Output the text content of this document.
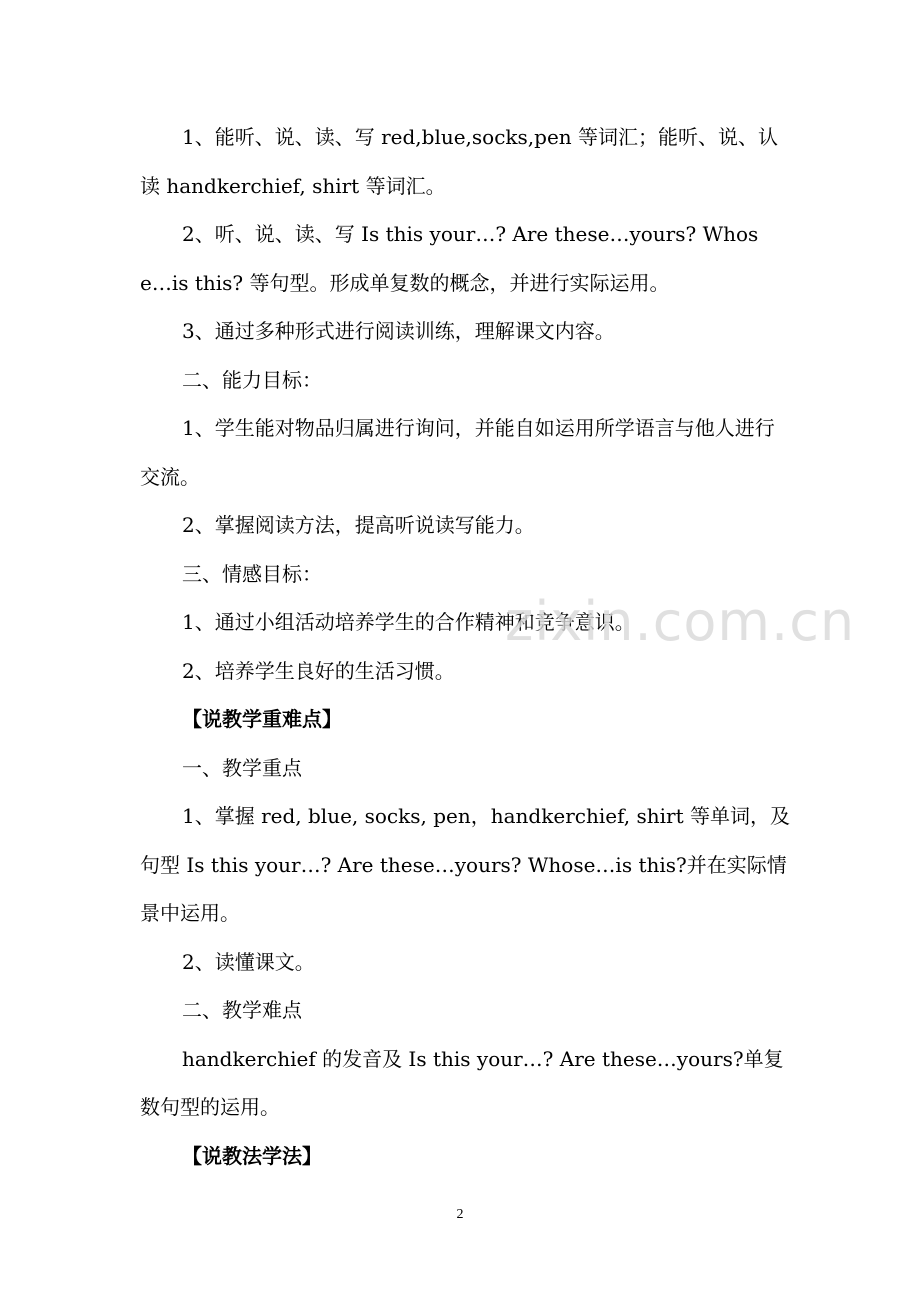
1、能听、说、读、写 red,blue,socks,pen 等词汇；能听、说、认读 handkerchief, shirt 等词汇。

2、听、说、读、写 Is this your…? Are these…yours? Whose…is this? 等句型。形成单复数的概念，并进行实际运用。

3、通过多种形式进行阅读训练，理解课文内容。

二、能力目标：

1、学生能对物品归属进行询问，并能自如运用所学语言与他人进行交流。

2、掌握阅读方法，提高听说读写能力。

三、情感目标：

1、通过小组活动培养学生的合作精神和竞争意识。

2、培养学生良好的生活习惯。

【说教学重难点】

一、教学重点

1、掌握 red, blue, socks, pen，handkerchief, shirt 等单词，及句型 Is this your…? Are these…yours? Whose…is this?并在实际情景中运用。

2、读懂课文。

二、教学难点

handkerchief 的发音及 Is this your…? Are these…yours?单复数句型的运用。

【说教法学法】

zixin.com.cn
2
